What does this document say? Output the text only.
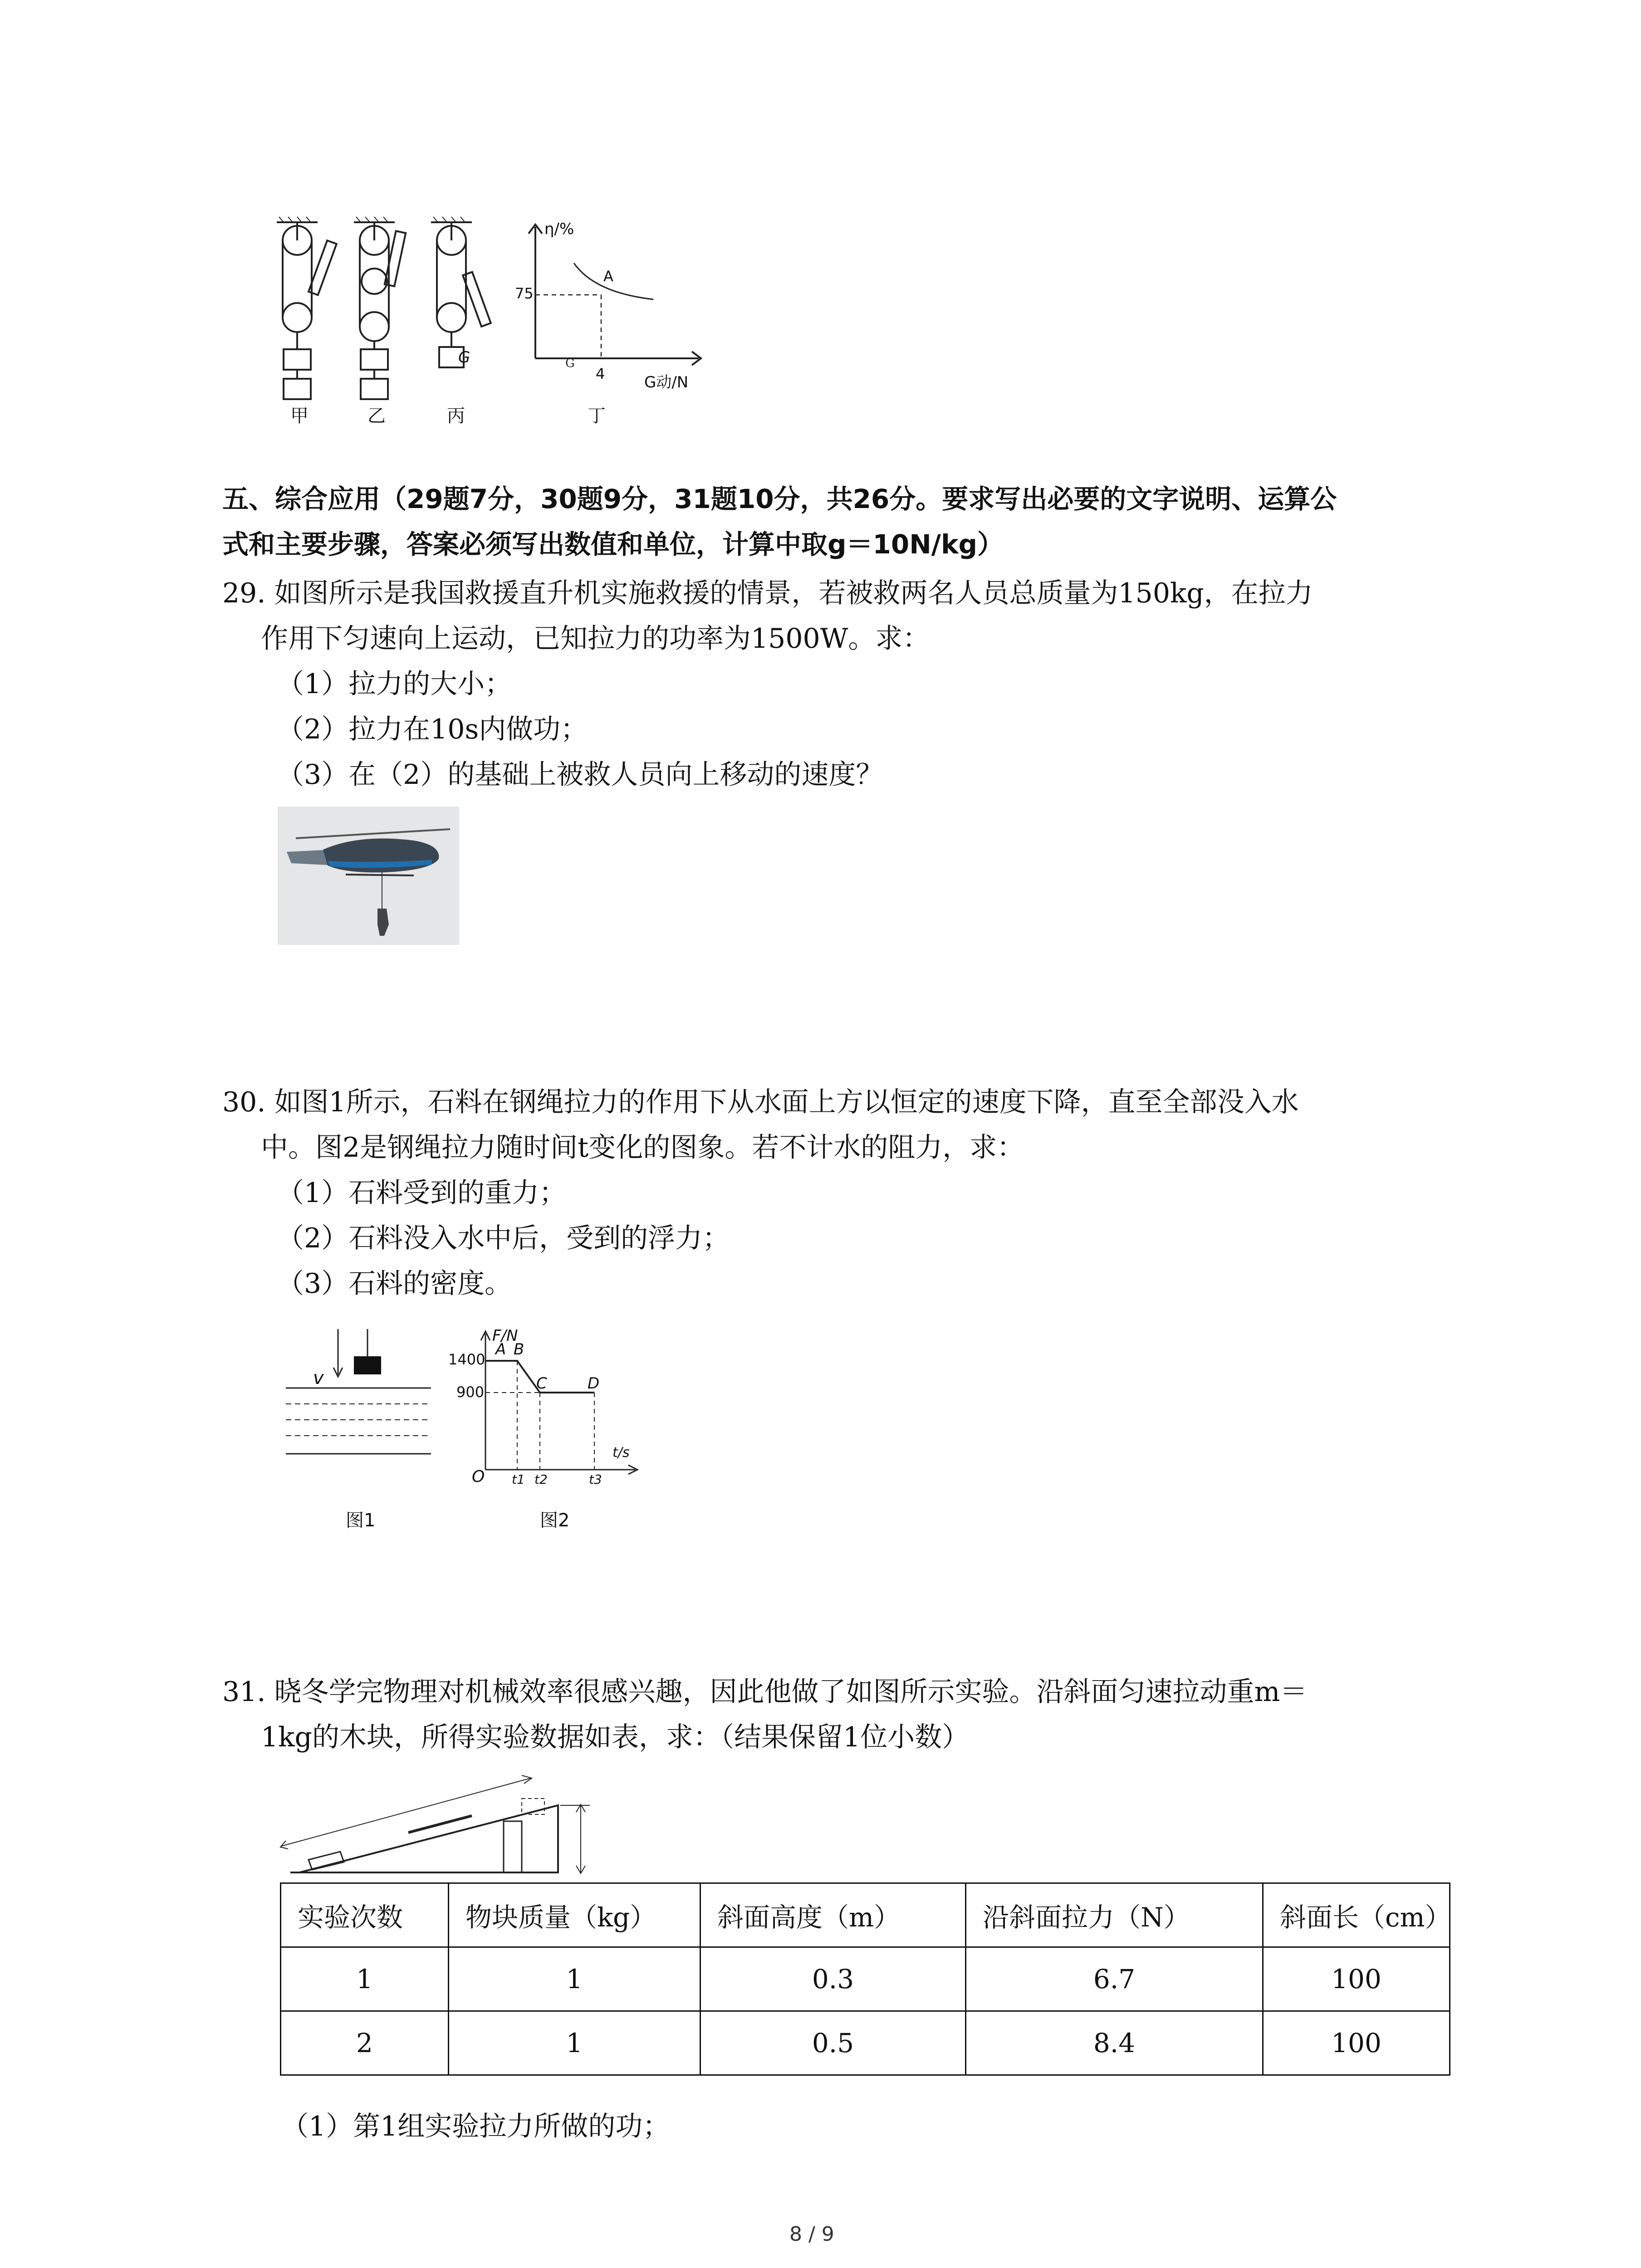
G
G
甲	乙	丙	丁
η/%
G动/N
75
4
A
五、综合应用（29题7分，30题9分，31题10分，共26分。要求写出必要的文字说明、运算公
式和主要步骤，答案必须写出数值和单位，计算中取g＝10N/kg）
29. 如图所示是我国救援直升机实施救援的情景，若被救两名人员总质量为150kg，在拉力
作用下匀速向上运动，已知拉力的功率为1500W。求：
（1）拉力的大小；
（2）拉力在10s内做功；
（3）在（2）的基础上被救人员向上移动的速度？
30. 如图1所示，石料在钢绳拉力的作用下从水面上方以恒定的速度下降，直至全部没入水
中。图2是钢绳拉力随时间t变化的图象。若不计水的阻力，求：
（1）石料受到的重力；
（2）石料没入水中后，受到的浮力；
（3）石料的密度。
v
图1
F/N
1400
900
A B
C	D
t/s
O t1 t2	t3
图2
31. 晓冬学完物理对机械效率很感兴趣，因此他做了如图所示实验。沿斜面匀速拉动重m＝
1kg的木块，所得实验数据如表，求：（结果保留1位小数）
实验次数	物块质量（kg）	斜面高度（m）	沿斜面拉力（N）	斜面长（cm）
1	1	0.3	6.7	100
2	1	0.5	8.4	100
（1）第1组实验拉力所做的功；
8 / 9
